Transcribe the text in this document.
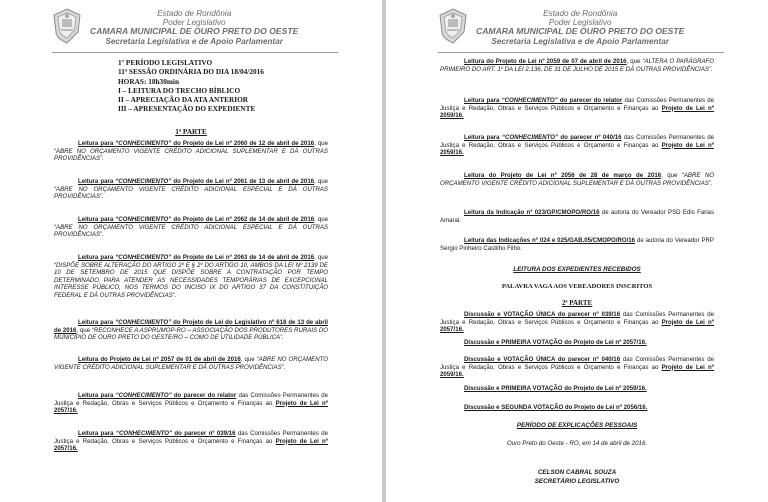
Estado de Rondônia
Poder Legislativo
CAMARA MUNICIPAL DE OURO PRETO DO OESTE
Secretaria Legislativa e de Apoio Parlamentar
1º PERÍODO LEGISLATIVO
11ª SESSÃO ORDINÁRIA DO DIA 18/04/2016
HORAS: 18h30min
I – LEITURA DO TRECHO BÍBLICO
II – APRECIAÇÃO DA ATA ANTERIOR
III – APRESENTAÇÃO DO EXPEDIENTE
1ª PARTE
Leitura para “CONHECIMENTO” do Projeto de Lei nº 2060 de 12 de abril de 2016, que “ABRE NO ORÇAMENTO VIGENTE CRÉDITO ADICIONAL SUPLEMENTAR E DÁ OUTRAS PROVIDÊNCIAS”.
Leitura para “CONHECIMENTO” do Projeto de Lei nº 2061 de 13 de abril de 2016, que “ABRE NO ORÇAMENTO VIGENTE CRÉDITO ADICIONAL ESPECIAL E DÁ OUTRAS PROVIDÊNCIAS”.
Leitura para “CONHECIMENTO” do Projeto de Lei nº 2062 de 14 de abril de 2016, que “ABRE NO ORÇAMENTO VIGENTE CRÉDITO ADICIONAL ESPECIAL E DÁ OUTRAS PROVIDÊNCIAS”.
Leitura para “CONHECIMENTO” do Projeto de Lei nº 2063 de 14 de abril de 2016, que “DISPÕE SOBRE ALTERAÇÃO DO ARTIGO 2º E § 2º DO ARTIGO 10, AMBOS DA LEI Nº 2139 DE 10 DE SETEMBRO DE 2015 QUE DISPÕE SOBRE A CONTRATAÇÃO POR TEMPO DETERMINADO PARA ATENDER AS NECESSIDADES TEMPORÁRIAS DE EXCEPCIONAL INTERESSE PÚBLICO, NOS TERMOS DO INCISO IX DO ARTIGO 37 DA CONSTITUIÇÃO FEDERAL E DÁ OUTRAS PROVIDÊNCIAS”.
Leitura para “CONHECIMENTO” do Projeto de Lei do Legislativo nº 618 de 13 de abril de 2016, que “RECONHECE A ASPRUMOP-RO – ASSOCIAÇÃO DOS PRODUTORES RURAIS DO MUNICÍPIO DE OURO PRETO DO OESTE/RO – COMO DE UTILIDADE PÚBLICA”.
Leitura do Projeto de Lei nº 2057 de 01 de abril de 2016, que “ABRE NO ORÇAMENTO VIGENTE CRÉDITO ADICIONAL SUPLEMENTAR E DÁ OUTRAS PROVIDÊNCIAS”.
Leitura para “CONHECIMENTO” do parecer do relator das Comissões Permanentes de Justiça e Redação, Obras e Serviços Públicos e Orçamento e Finanças ao Projeto de Lei nº 2057/16.
Leitura para “CONHECIMENTO” do parecer nº 039/16 das Comissões Permanentes de Justiça e Redação, Obras e Serviços Públicos e Orçamento e Finanças ao Projeto de Lei nº 2057/16.
Estado de Rondônia
Poder Legislativo
CAMARA MUNICIPAL DE OURO PRETO DO OESTE
Secretaria Legislativa e de Apoio Parlamentar
Leitura do Projeto de Lei nº 2059 de 07 de abril de 2016, que “ALTERA O PARÁGRAFO PRIMEIRO DO ART. 1º DA LEI 2.136, DE 31 DE JULHO DE 2015 E DÁ OUTRAS PROVIDÊNCIAS”.
Leitura para “CONHECIMENTO” do parecer do relator das Comissões Permanentes de Justiça e Redação, Obras e Serviços Públicos e Orçamento e Finanças ao Projeto de Lei nº 2059/16.
Leitura para “CONHECIMENTO” do parecer nº 040/16 das Comissões Permanentes de Justiça e Redação, Obras e Serviços Públicos e Orçamento e Finanças ao Projeto de Lei nº 2059/16.
Leitura do Projeto de Lei nº 2056 de 28 de março de 2016, que “ABRE NO ORÇAMENTO VIGENTE CRÉDITO ADICIONAL SUPLEMENTAR E DÁ OUTRAS PROVIDÊNCIAS”.
Leitura da Indicação nº 023/GP/CMOPO/RO/16 de autoria do Vereador PSD Edis Farias Amaral.
Leitura das Indicações nº 024 e 025/GAB.05/CMOPO/RO/16 de autoria do Vereador PRP Sergio Pinheiro Castilho Filho.
LEITURA DOS EXPEDIENTES RECEBIDOS
PALAVRA VAGA AOS VEREADORES INSCRITOS
2ª PARTE
Discussão e VOTAÇÃO ÚNICA do parecer nº 039/16 das Comissões Permanentes de Justiça e Redação, Obras e Serviços Públicos e Orçamento e Finanças ao Projeto de Lei nº 2057/16.
Discussão e PRIMEIRA VOTAÇÃO do Projeto de Lei nº 2057/16.
Discussão e VOTAÇÃO ÚNICA do parecer nº 040/16 das Comissões Permanentes de Justiça e Redação, Obras e Serviços Públicos e Orçamento e Finanças ao Projeto de Lei nº 2059/16.
Discussão e PRIMEIRA VOTAÇÃO do Projeto de Lei nº 2059/16.
Discussão e SEGUNDA VOTAÇÃO do Projeto de Lei nº 2056/16.
PERÍODO DE EXPLICAÇÕES PESSOAIS
Ouro Preto do Oeste - RO, em 14 de abril de 2016.
CELSON CABRAL SOUZA
SECRETÁRIO LEGISLATIVO
